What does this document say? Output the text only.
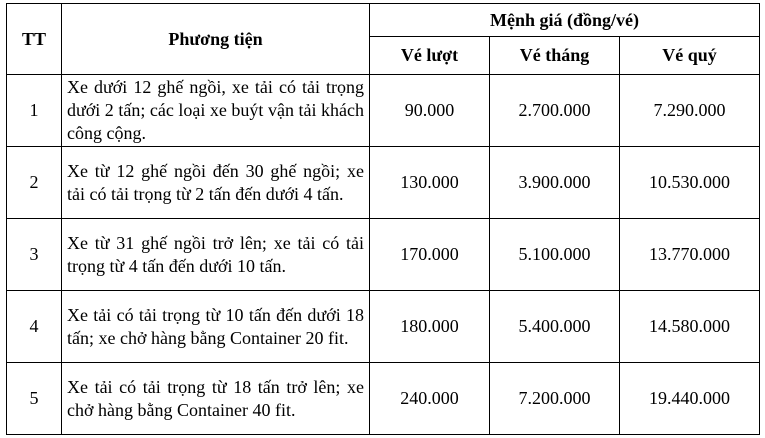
TT	Phương tiện	Mệnh giá (đồng/vé)		
		Vé lượt	Vé tháng	Vé quý
1	Xe dưới 12 ghế ngồi, xe tải có tải trọng dưới 2 tấn; các loại xe buýt vận tải khách công cộng.	90.000	2.700.000	7.290.000
2	Xe từ 12 ghế ngồi đến 30 ghế ngồi; xe tải có tải trọng từ 2 tấn đến dưới 4 tấn.	130.000	3.900.000	10.530.000
3	Xe từ 31 ghế ngồi trở lên; xe tải có tải trọng từ 4 tấn đến dưới 10 tấn.	170.000	5.100.000	13.770.000
4	Xe tải có tải trọng từ 10 tấn đến dưới 18 tấn; xe chở hàng bằng Container 20 fit.	180.000	5.400.000	14.580.000
5	Xe tải có tải trọng từ 18 tấn trở lên; xe chở hàng bằng Container 40 fit.	240.000	7.200.000	19.440.000
